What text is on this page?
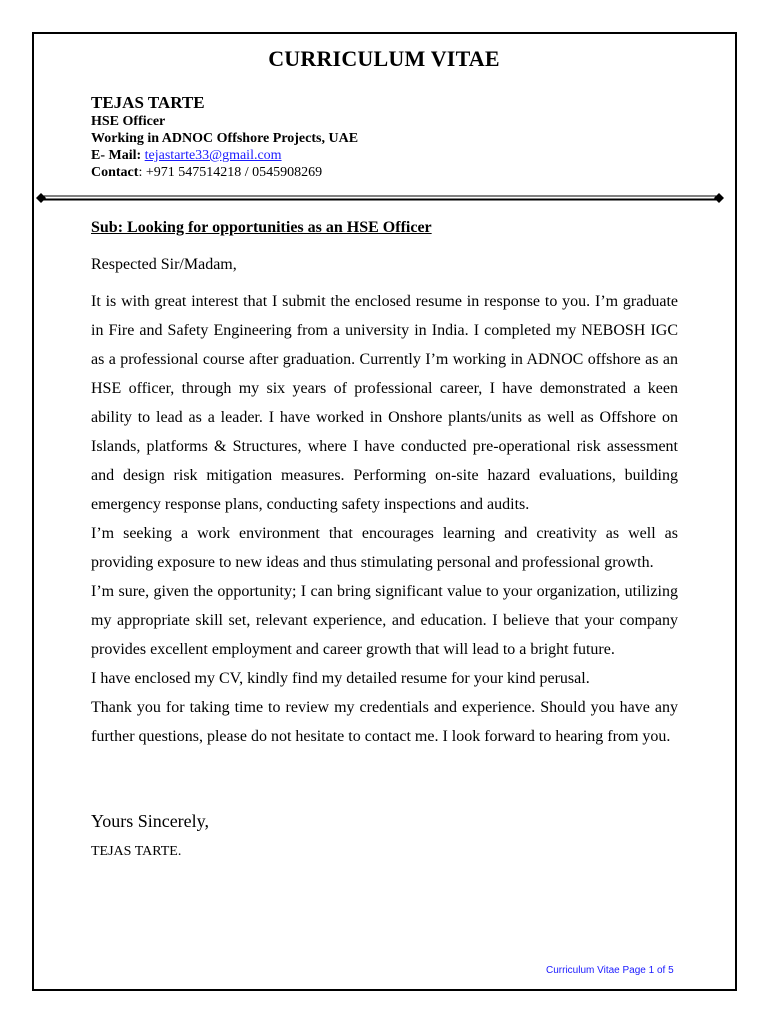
CURRICULUM VITAE
TEJAS TARTE
HSE Officer
Working in ADNOC Offshore Projects, UAE
E- Mail: tejastarte33@gmail.com
Contact: +971 547514218 / 0545908269
Sub: Looking for opportunities as an HSE Officer
Respected Sir/Madam,

It is with great interest that I submit the enclosed resume in response to you. I’m graduate in Fire and Safety Engineering from a university in India. I completed my NEBOSH IGC as a professional course after graduation. Currently I’m working in ADNOC offshore as an HSE officer, through my six years of professional career, I have demonstrated a keen ability to lead as a leader. I have worked in Onshore plants/units as well as Offshore on Islands, platforms & Structures, where I have conducted pre-operational risk assessment and design risk mitigation measures. Performing on-site hazard evaluations, building emergency response plans, conducting safety inspections and audits.

I’m seeking a work environment that encourages learning and creativity as well as providing exposure to new ideas and thus stimulating personal and professional growth.

I’m sure, given the opportunity; I can bring significant value to your organization, utilizing my appropriate skill set, relevant experience, and education. I believe that your company provides excellent employment and career growth that will lead to a bright future.

I have enclosed my CV, kindly find my detailed resume for your kind perusal.

Thank you for taking time to review my credentials and experience. Should you have any further questions, please do not hesitate to contact me. I look forward to hearing from you.

Yours Sincerely,
TEJAS TARTE.
Curriculum Vitae Page 1 of 5
